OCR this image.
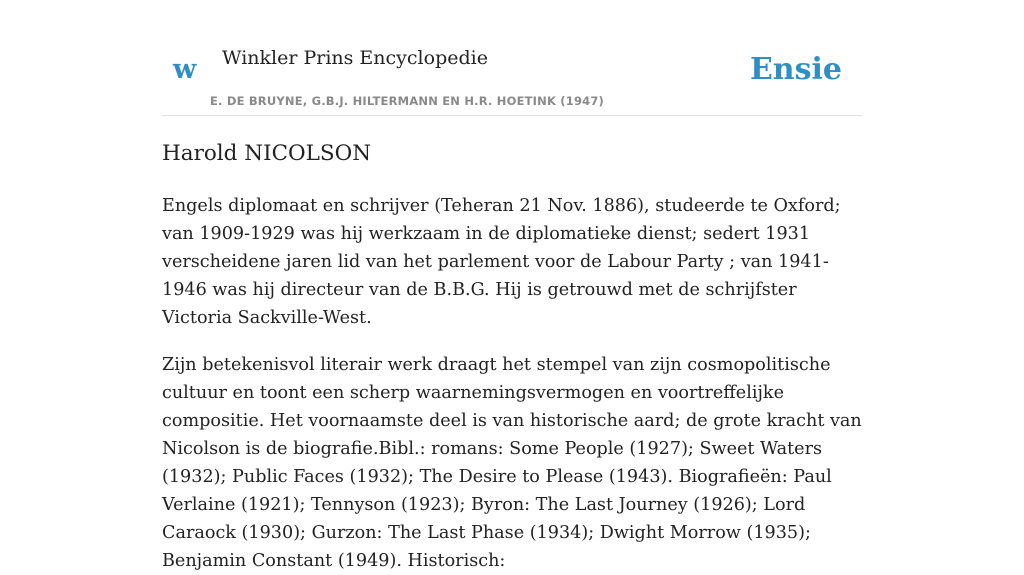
w Winkler Prins Encyclopedie
E. DE BRUYNE, G.B.J. HILTERMANN EN H.R. HOETINK (1947)
Ensie
Harold NICOLSON

Engels diplomaat en schrijver (Teheran 21 Nov. 1886), studeerde te Oxford; van 1909-1929 was hij werkzaam in de diplomatieke dienst; sedert 1931 verscheidene jaren lid van het parlement voor de Labour Party ; van 1941-1946 was hij directeur van de B.B.G. Hij is getrouwd met de schrijfster Victoria Sackville-West.

Zijn betekenisvol literair werk draagt het stempel van zijn cosmopolitische cultuur en toont een scherp waarnemingsvermogen en voortreffelijke compositie. Het voornaamste deel is van historische aard; de grote kracht van Nicolson is de biografie.Bibl.: romans: Some People (1927); Sweet Waters (1932); Public Faces (1932); The Desire to Please (1943). Biografieën: Paul Verlaine (1921); Tennyson (1923); Byron: The Last Journey (1926); Lord Caraock (1930); Gurzon: The Last Phase (1934); Dwight Morrow (1935); Benjamin Constant (1949). Historisch:
